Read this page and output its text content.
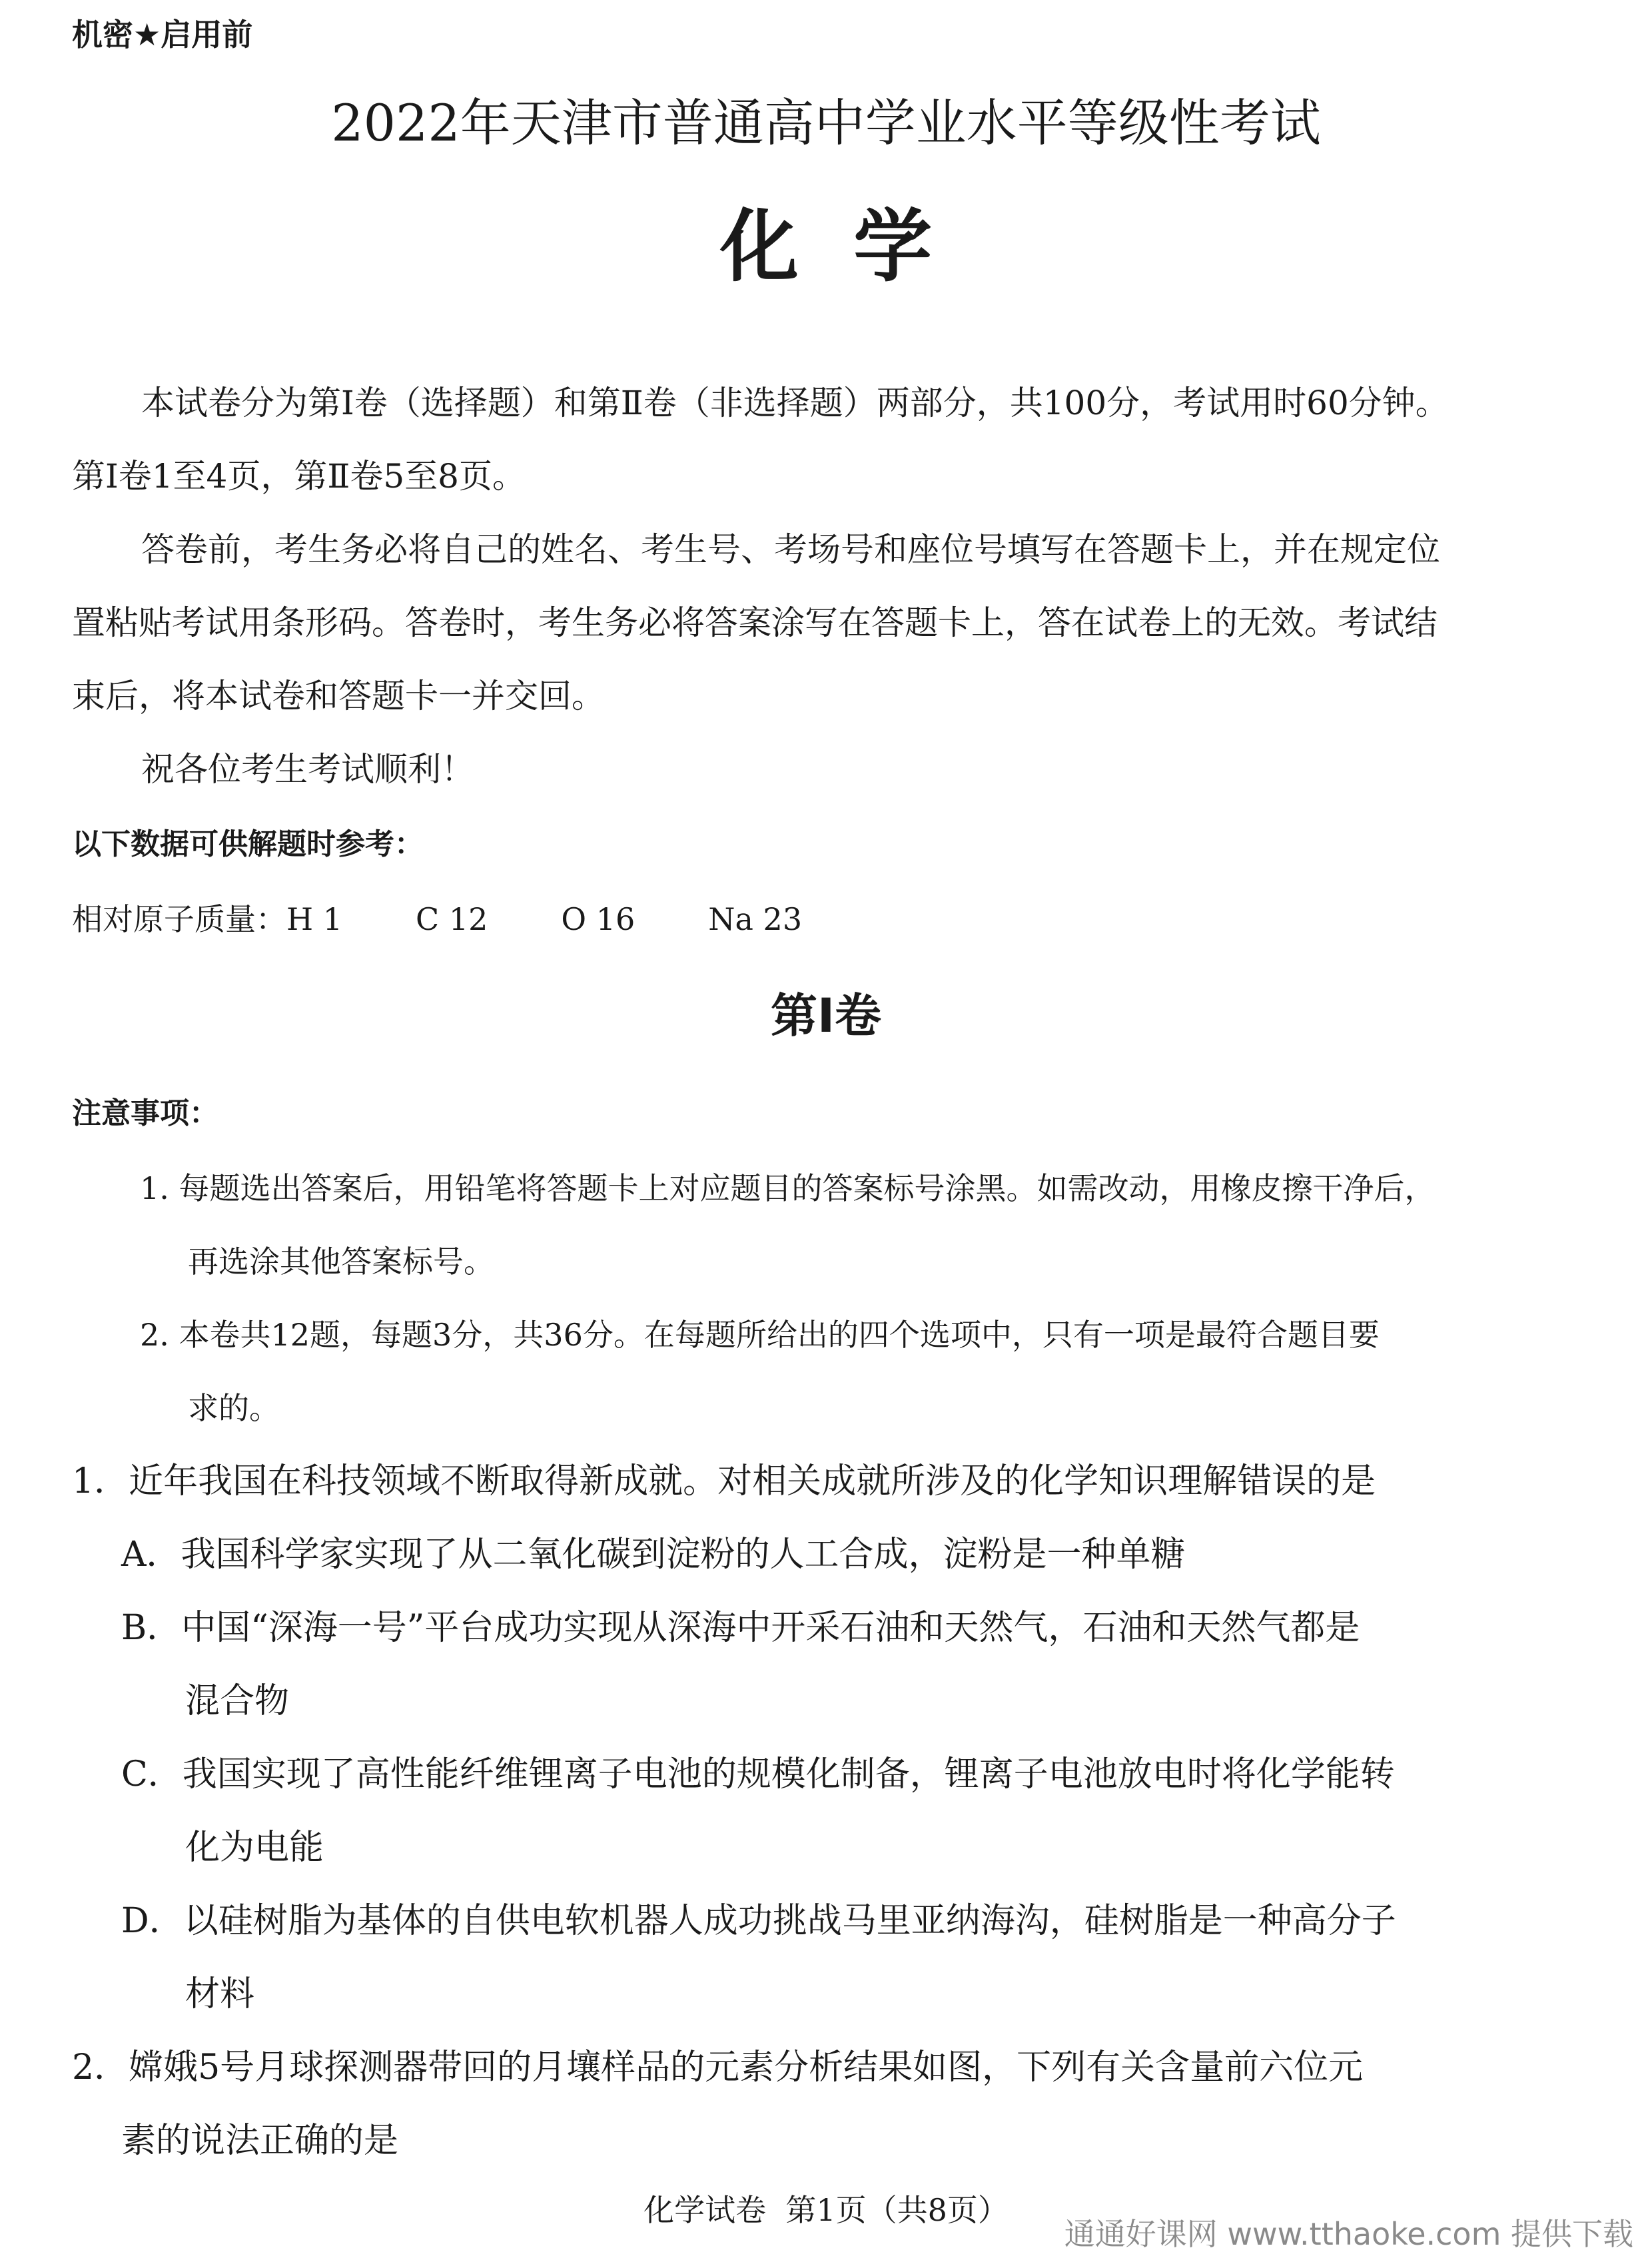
机密★启用前
2022年天津市普通高中学业水平等级性考试
化  学
本试卷分为第Ⅰ卷（选择题）和第Ⅱ卷（非选择题）两部分，共100分，考试用时60分钟。
第Ⅰ卷1至4页，第Ⅱ卷5至8页。
答卷前，考生务必将自己的姓名、考生号、考场号和座位号填写在答题卡上，并在规定位
置粘贴考试用条形码。答卷时，考生务必将答案涂写在答题卡上，答在试卷上的无效。考试结
束后，将本试卷和答题卡一并交回。
祝各位考生考试顺利！
以下数据可供解题时参考：
相对原子质量：H 1 C 12 O 16 Na 23
第Ⅰ卷
注意事项：
1. 每题选出答案后，用铅笔将答题卡上对应题目的答案标号涂黑。如需改动，用橡皮擦干净后，
再选涂其他答案标号。
2. 本卷共12题，每题3分，共36分。在每题所给出的四个选项中，只有一项是最符合题目要
求的。
1．近年我国在科技领域不断取得新成就。对相关成就所涉及的化学知识理解错误的是
A．我国科学家实现了从二氧化碳到淀粉的人工合成，淀粉是一种单糖
B．中国“深海一号”平台成功实现从深海中开采石油和天然气，石油和天然气都是
混合物
C．我国实现了高性能纤维锂离子电池的规模化制备，锂离子电池放电时将化学能转
化为电能
D．以硅树脂为基体的自供电软机器人成功挑战马里亚纳海沟，硅树脂是一种高分子
材料
2．嫦娥5号月球探测器带回的月壤样品的元素分析结果如图，下列有关含量前六位元
素的说法正确的是
化学试卷  第1页（共8页）
通通好课网 www.tthaoke.com 提供下载
